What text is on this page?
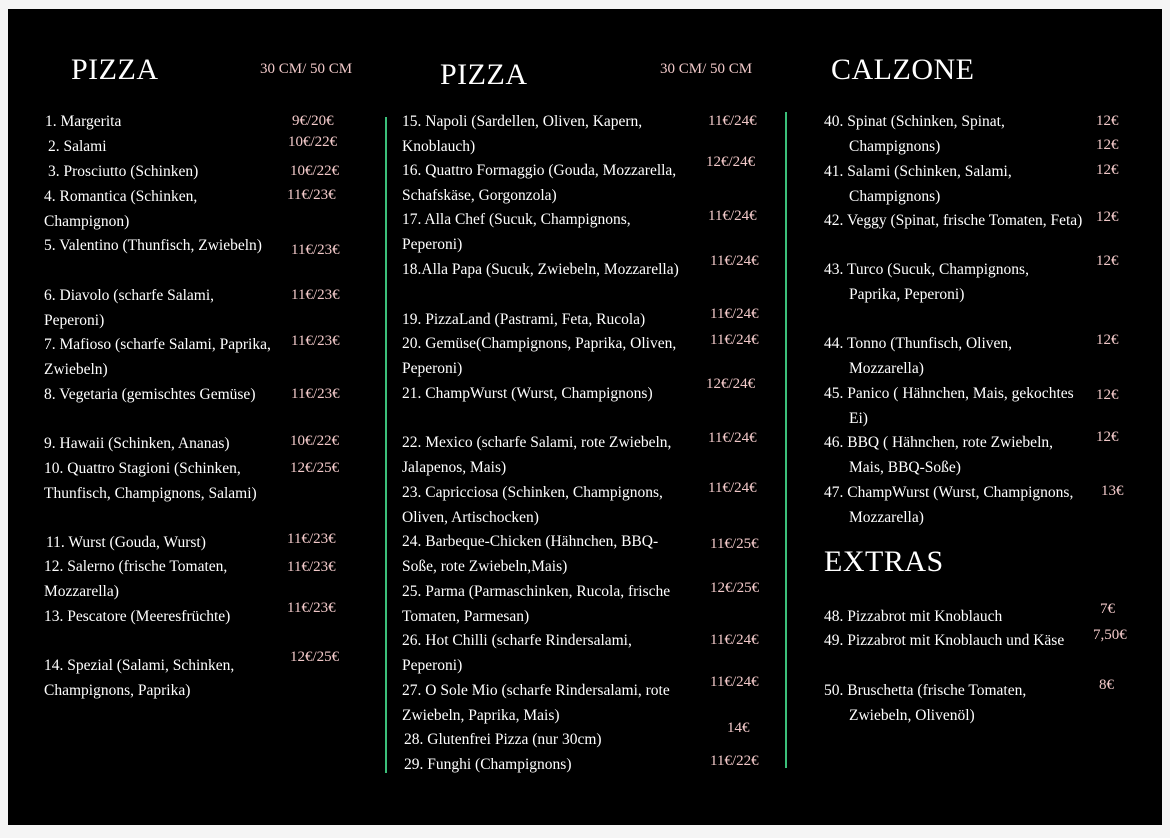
PIZZA	30 CM/ 50 CM
1. Margerita	9€/20€
2. Salami	10€/22€
3. Prosciutto (Schinken)	10€/22€
4. Romantica (Schinken, Champignon)
11€/23€
5. Valentino (Thunfisch, Zwiebeln)	11€/23€
6. Diavolo (scharfe Salami, Peperoni)
11€/23€
7. Mafioso (scharfe Salami, Paprika, Zwiebeln)
11€/23€
8. Vegetaria (gemischtes Gemüse)	11€/23€
9. Hawaii (Schinken, Ananas)	10€/22€
10. Quattro Stagioni (Schinken, Thunfisch, Champignons, Salami)
12€/25€
11. Wurst (Gouda, Wurst)	11€/23€
12. Salerno (frische Tomaten, Mozzarella)
11€/23€
13. Pescatore (Meeresfrüchte)	11€/23€
14. Spezial (Salami, Schinken, Champignons, Paprika)
12€/25€
PIZZA	30 CM/ 50 CM
15. Napoli (Sardellen, Oliven, Kapern, Knoblauch)
11€/24€
16. Quattro Formaggio (Gouda, Mozzarella, Schafskäse, Gorgonzola)
12€/24€
17. Alla Chef (Sucuk, Champignons, Peperoni)
11€/24€
18.Alla Papa (Sucuk, Zwiebeln, Mozzarella)	11€/24€
19. PizzaLand (Pastrami, Feta, Rucola)	11€/24€
20. Gemüse(Champignons, Paprika, Oliven, Peperoni)
11€/24€
21. ChampWurst (Wurst, Champignons)
12€/24€
22. Mexico (scharfe Salami, rote Zwiebeln, Jalapenos, Mais)
11€/24€
23. Capricciosa (Schinken, Champignons, Oliven, Artischocken)
11€/24€
24. Barbeque-Chicken (Hähnchen, BBQ-Soße, rote Zwiebeln,Mais)
11€/25€
25. Parma (Parmaschinken, Rucola, frische Tomaten, Parmesan)
12€/25€
26. Hot Chilli (scharfe Rindersalami, Peperoni)
11€/24€
27. O Sole Mio (scharfe Rindersalami, rote Zwiebeln, Paprika, Mais)
11€/24€
28. Glutenfrei Pizza (nur 30cm)
14€
29. Funghi (Champignons)	11€/22€
CALZONE
40. Spinat (Schinken, Spinat, Champignons)
12€
12€
41. Salami (Schinken, Salami, Champignons)
12€
42. Veggy (Spinat, frische Tomaten, Feta) 12€
43. Turco (Sucuk, Champignons, Paprika, Peperoni)
12€
44. Tonno (Thunfisch, Oliven, Mozzarella)
12€
45. Panico ( Hähnchen, Mais, gekochtes Ei)
12€
46. BBQ ( Hähnchen, rote Zwiebeln, Mais, BBQ-Soße)
12€
47. ChampWurst (Wurst, Champignons, Mozzarella)
13€
EXTRAS
48. Pizzabrot mit Knoblauch	7€
49. Pizzabrot mit Knoblauch und Käse	7,50€
50. Bruschetta (frische Tomaten, Zwiebeln, Olivenöl)
8€
